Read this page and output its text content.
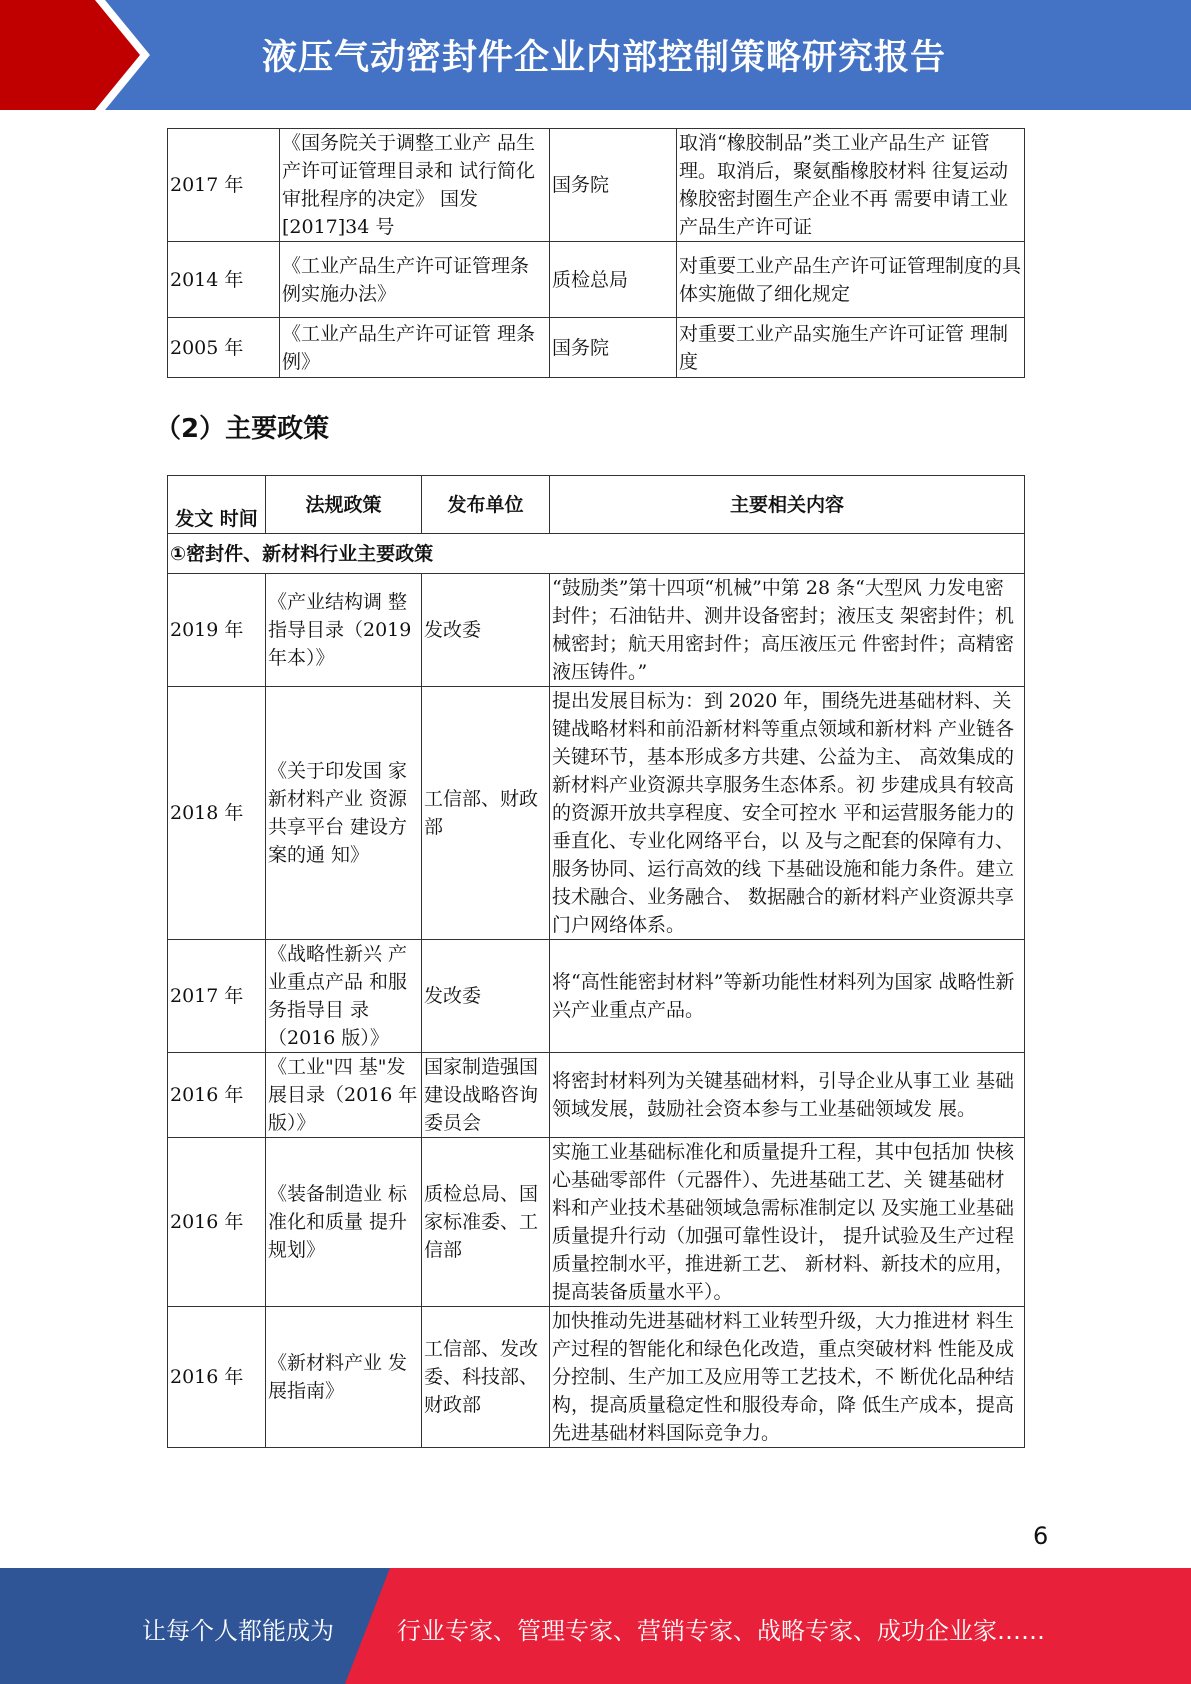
液压气动密封件企业内部控制策略研究报告
2017 年	《国务院关于调整工业产 品生产许可证管理目录和 试行简化审批程序的决定》 国发[2017]34 号	国务院	取消“橡胶制品”类工业产品生产 证管理。取消后，聚氨酯橡胶材料 往复运动橡胶密封圈生产企业不再 需要申请工业产品生产许可证
2014 年	《工业产品生产许可证管理条例实施办法》	质检总局	对重要工业产品生产许可证管理制度的具体实施做了细化规定
2005 年	《工业产品生产许可证管 理条例》	国务院	对重要工业产品实施生产许可证管 理制度
（2）主要政策
发文 时间	法规政策	发布单位	主要相关内容
①密封件、新材料行业主要政策			
2019 年	《产业结构调 整指导目录（2019 年本）》	发改委	“鼓励类”第十四项“机械”中第 28 条“大型风 力发电密封件；石油钻井、测井设备密封；液压支 架密封件；机械密封；航天用密封件；高压液压元 件密封件；高精密液压铸件。”
2018 年	《关于印发国 家新材料产业 资源共享平台 建设方案的通 知》	工信部、财政部	提出发展目标为：到 2020 年，围绕先进基础材料、关键战略材料和前沿新材料等重点领域和新材料 产业链各关键环节，基本形成多方共建、公益为主、 高效集成的新材料产业资源共享服务生态体系。初 步建成具有较高的资源开放共享程度、安全可控水 平和运营服务能力的垂直化、专业化网络平台，以 及与之配套的保障有力、服务协同、运行高效的线 下基础设施和能力条件。建立技术融合、业务融合、 数据融合的新材料产业资源共享门户网络体系。
2017 年	《战略性新兴 产业重点产品 和服务指导目 录（2016 版）》	发改委	将“高性能密封材料”等新功能性材料列为国家 战略性新兴产业重点产品。
2016 年	《工业"四 基"发展目录（2016 年版）》	国家制造强国建设战略咨询委员会	将密封材料列为关键基础材料，引导企业从事工业 基础领域发展，鼓励社会资本参与工业基础领域发 展。
2016 年	《装备制造业 标准化和质量 提升规划》	质检总局、国家标准委、工信部	实施工业基础标准化和质量提升工程，其中包括加 快核心基础零部件（元器件）、先进基础工艺、关 键基础材料和产业技术基础领域急需标准制定以 及实施工业基础质量提升行动（加强可靠性设计， 提升试验及生产过程质量控制水平，推进新工艺、 新材料、新技术的应用，提高装备质量水平）。
2016 年	《新材料产业 发展指南》	工信部、发改委、科技部、财政部	加快推动先进基础材料工业转型升级，大力推进材 料生产过程的智能化和绿色化改造，重点突破材料 性能及成分控制、生产加工及应用等工艺技术，不 断优化品种结构，提高质量稳定性和服役寿命，降 低生产成本，提高先进基础材料国际竞争力。
6
让每个人都能成为	行业专家、管理专家、营销专家、战略专家、成功企业家……
